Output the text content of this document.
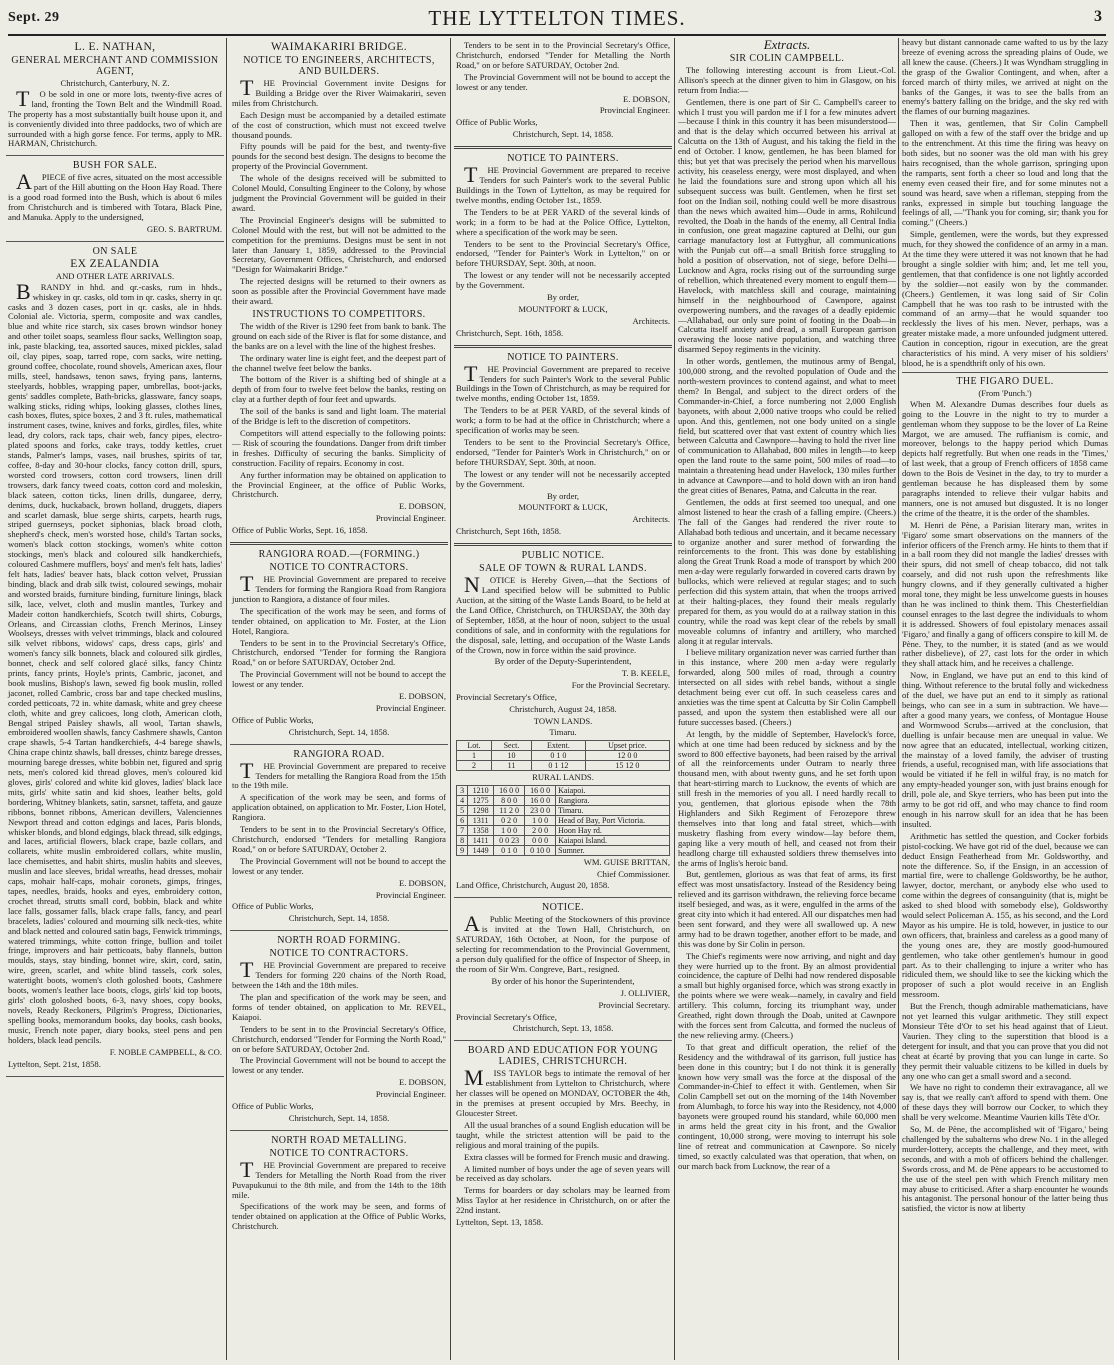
Sept. 29	THE LYTTELTON TIMES.	3
L. E. NATHAN,
GENERAL MERCHANT AND COMMISSION AGENT,
Christchurch, Canterbury, N. Z.

TO be sold in one or more lots, twenty-five acres of land, fronting the Town Belt and the Windmill Road. The property has a most substantially built house upon it, and is conveniently divided into three paddocks, two of which are surrounded with a high gorse fence. For terms, apply to MR. HARMAN, Christchurch.

BUSH FOR SALE.

APIECE of five acres, situated on the most accessible part of the Hill abutting on the Hoon Hay Road. There is a good road formed into the Bush, which is about 6 miles from Christchurch and is timbered with Totara, Black Pine, and Manuka. Apply to the undersigned,

GEO. S. BARTRUM.

ON SALE
EX ZEALANDIA
AND OTHER LATE ARRIVALS.

BRANDY in hhd. and qr.-casks, rum in hhds., whiskey in qr. casks, old tom in qr. casks, sherry in qr. casks and 3 dozen cases, port in qr. casks, ale in hhds. Colonial ale. Victoria, sperm, composite and wax candles, blue and white rice starch, six cases brown windsor honey and other toilet soaps, seamless flour sacks, Wellington soap, ink, paste blacking, tea, assorted sauces, mixed pickles, salad oil, clay pipes, soap, tarred rope, corn sacks, wire netting, ground coffee, chocolate, round shovels, American axes, flour mills, steel, handsaws, tenon saws, frying pans, lanterns, steelyards, hobbles, wrapping paper, umbrellas, boot-jacks, gents' saddles complete, Bath-bricks, glassware, fancy soaps, walking sticks, riding whips, looking glasses, clothes lines, cash boxes, flutes, spice boxes, 2 and 3 ft. rules, mathematical instrument cases, twine, knives and forks, girdles, files, white lead, dry colors, rack taps, chair web, fancy pipes, electro-plated spoons and forks, cake trays, toddy kettles, cruet stands, Palmer's lamps, vases, nail brushes, spirits of tar, coffee, 8-day and 30-hour clocks, fancy cotton drill, spurs, worsted cord trowsers, cotton cord trowsers, linen drill trowsers, dark fancy tweed coats, cotton cord and moleskin, black sateen, cotton ticks, linen drills, dungaree, derry, denims, duck, huckaback, brown holland, druggets, diapers and scarlet damask, blue serge shirts, carpets, hearth rugs, striped guernseys, pocket siphonias, black broad cloth, shepherd's check, men's worsted hose, child's Tartan socks, women's black cotton stockings, women's white cotton stockings, men's black and coloured silk handkerchiefs, coloured Cashmere mufflers, boys' and men's felt hats, ladies' felt hats, ladies' beaver hats, black cotton velvet, Prussian binding, black and drab silk twist, coloured sewings, mohair and worsted braids, furniture binding, furniture linings, black silk, lace, velvet, cloth and muslin mantles, Turkey and Madeir cotton handkerchiefs, Scotch twill shirts, Coburgs, Orleans, and Circassian cloths, French Merinos, Linsey Woolseys, dresses with velvet trimmings, black and coloured silk velvet ribbons, widows' caps, dress caps, girls' and women's fancy silk bonnets, black and coloured silk girdles, bonnet, check and self colored glacé silks, fancy Chintz prints, fancy prints, Hoyle's prints, Cambric, jaconet, and book muslins, Bishop's lawn, sewed fig book muslin, rolled jaconet, rolled Cambric, cross bar and tape checked muslins, corded petticoats, 72 in. white damask, white and grey cheese cloth, white and grey calicoes, long cloth, American cloth, Bengal striped Paisley shawls, all wool, Tartan shawls, embroidered woollen shawls, fancy Cashmere shawls, Canton crape shawls, 5-4 Tartan handkerchiefs, 4-4 barege shawls, China crape chintz shawls, ball dresses, chintz barege dresses, mourning barege dresses, white bobbin net, figured and sprig nets, men's colored kid thread gloves, men's coloured kid gloves, girls' colored and white kid gloves, ladies' black lace mits, girls' white satin and kid shoes, leather belts, gold bordering, Whitney blankets, satin, sarsnet, taffeta, and gauze ribbons, bonnet ribbons, American devillers, Valenciennes Newport thread and cotton edgings and laces, Paris blonds, whisker blonds, and blond edgings, black thread, silk edgings, and laces, artificial flowers, black crape, bazle collars, and collarets, white muslin embroidered collars, white muslin, lace chemisettes, and habit shirts, muslin habits and sleeves, muslin and lace sleeves, bridal wreaths, head dresses, mohair caps, mohair half-caps, mohair coronets, gimps, fringes, tapes, needles, braids, hooks and eyes, embroidery cotton, crochet thread, strutts small cord, bobbin, black and white lace falls, gossamer falls, black crape falls, fancy, and pearl bracelets, ladies' coloured and mourning silk neck-ties, white and black netted and coloured satin bags, Fenwick trimmings, watered trimmings, white cotton fringe, bullion and toilet fringe, improvers and hair petticoats, baby flannels, button moulds, stays, stay binding, bonnet wire, skirt, cord, satin, wire, green, scarlet, and white blind tassels, cork soles, watertight boots, women's cloth goloshed boots, Cashmere boots, women's leather lace boots, clogs, girls' kid top boots, girls' cloth goloshed boots, 6-3, navy shoes, copy books, novels, Ready Reckoners, Pilgrim's Progress, Dictionaries, spelling books, memorandum books, day books, cash books, music, French note paper, diary books, steel pens and pen holders, black lead pencils.

F. NOBLE CAMPBELL, & CO.

Lyttelton, Sept. 21st, 1858.

WAIMAKARIRI BRIDGE.
NOTICE TO ENGINEERS, ARCHITECTS, AND BUILDERS.

THE Provincial Government invite Designs for Building a Bridge over the River Waimakariri, seven miles from Christchurch.

Each Design must be accompanied by a detailed estimate of the cost of construction, which must not exceed twelve thousand pounds.

Fifty pounds will be paid for the best, and twenty-five pounds for the second best design. The designs to become the property of the Provincial Government.

The whole of the designs received will be submitted to Colonel Mould, Consulting Engineer to the Colony, by whose judgment the Provincial Government will be guided in their award.

The Provincial Engineer's designs will be submitted to Colonel Mould with the rest, but will not be admitted to the competition for the premiums. Designs must be sent in not later than January 1, 1859, addressed to the Provincial Secretary, Government Offices, Christchurch, and endorsed "Design for Waimakariri Bridge."

The rejected designs will be returned to their owners as soon as possible after the Provincial Government have made their award.

INSTRUCTIONS TO COMPETITORS.

The width of the River is 1290 feet from bank to bank. The ground on each side of the River is flat for some distance, and the banks are on a level with the line of the highest freshes.

The ordinary water line is eight feet, and the deepest part of the channel twelve feet below the banks.

The bottom of the River is a shifting bed of shingle at a depth of from four to twelve feet below the banks, resting on clay at a further depth of four feet and upwards.

The soil of the banks is sand and light loam. The material of the Bridge is left to the discretion of competitors.

Competitors will attend especially to the following points:— Risk of scouring the foundations. Danger from drift timber in freshes. Difficulty of securing the banks. Simplicity of construction. Facility of repairs. Economy in cost.

Any further information may be obtained on application to the Provincial Engineer, at the office of Public Works, Christchurch.

E. DOBSON,

Provincial Engineer.

Office of Public Works, Sept. 16, 1858.

RANGIORA ROAD.—(FORMING.)
NOTICE TO CONTRACTORS.

THE Provincial Government are prepared to receive Tenders for forming the Rangiora Road from Rangiora junction to Rangiora, a distance of four miles.

The specification of the work may be seen, and forms of tender obtained, on application to Mr. Foster, at the Lion Hotel, Rangiora.

Tenders to be sent in to the Provincial Secretary's Office, Christchurch, endorsed "Tender for forming the Rangiora Road," on or before SATURDAY, October 2nd.

The Provincial Government will not be bound to accept the lowest or any tender.

E. DOBSON,

Provincial Engineer.

Office of Public Works,

Christchurch, Sept. 14, 1858.

RANGIORA ROAD.

THE Provincial Government are prepared to receive Tenders for metalling the Rangiora Road from the 15th to the 19th mile.

A specification of the work may be seen, and forms of application obtained, on application to Mr. Foster, Lion Hotel, Rangiora.

Tenders to be sent in to the Provincial Secretary's Office, Christchurch, endorsed "Tenders for metalling Rangiora Road," on or before SATURDAY, October 2.

The Provincial Government will not be bound to accept the lowest or any tender.

E. DOBSON,

Provincial Engineer.

Office of Public Works,

Christchurch, Sept. 14, 1858.

NORTH ROAD FORMING.
NOTICE TO CONTRACTORS.

THE Provincial Government are prepared to receive Tenders for forming 220 chains of the North Road, between the 14th and the 18th miles.

The plan and specification of the work may be seen, and forms of tender obtained, on application to Mr. REVEL, Kaiapoi.

Tenders to be sent in to the Provincial Secretary's Office, Christchurch, endorsed "Tender for Forming the North Road," on or before SATURDAY, October 2nd.

The Provincial Government will not be bound to accept the lowest or any tender.

E. DOBSON,

Provincial Engineer.

Office of Public Works,

Christchurch, Sept. 14, 1858.

NORTH ROAD METALLING.
NOTICE TO CONTRACTORS.

THE Provincial Government are prepared to receive Tenders for Metalling the North Road from the river Puvapukunui to the 8th mile, and from the 14th to the 18th mile.

Specifications of the work may be seen, and forms of tender obtained on application at the Office of Public Works, Christchurch.

Tenders to be sent in to the Provincial Secretary's Office, Christchurch, endorsed "Tender for Metalling the North Road," on or before SATURDAY, October 2nd.

The Provincial Government will not be bound to accept the lowest or any tender.

E. DOBSON,

Provincial Engineer.

Office of Public Works,

Christchurch, Sept. 14, 1858.

NOTICE TO PAINTERS.

THE Provincial Government are prepared to receive Tenders for such Painter's work to the several Public Buildings in the Town of Lyttelton, as may be required for twelve months, ending October 1st., 1859.

The Tenders to be at PER YARD of the several kinds of work; in a form to be had at the Police Office, Lyttelton, where a specification of the work may be seen.

Tenders to be sent to the Provincial Secretary's Office, endorsed, "Tender for Painter's Work in Lyttelton," on or before THURSDAY, Sept. 30th, at noon.

The lowest or any tender will not be necessarily accepted by the Government.

By order,

MOUNTFORT & LUCK,

Architects.

Christchurch, Sept. 16th, 1858.

NOTICE TO PAINTERS.

THE Provincial Government are prepared to receive Tenders for such Painter's Work to the several Public Buildings in the Town of Christchurch, as may be required for twelve months, ending October 1st, 1859.

The Tenders to be at PER YARD, of the several kinds of work; a form to be had at the office in Christchurch; where a specification of works may be seen.

Tenders to be sent to the Provincial Secretary's Office, endorsed, "Tender for Painter's Work in Christchurch," on or before THURSDAY, Sept. 30th, at noon.

The lowest or any tender will not be necessarily accepted by the Government.

By order,

MOUNTFORT & LUCK,

Architects.

Christchurch, Sept 16th, 1858.

PUBLIC NOTICE.
SALE OF TOWN & RURAL LANDS.

NOTICE is Hereby Given,—that the Sections of Land specified below will be submitted to Public Auction, at the sitting of the Waste Lands Board, to be held at the Land Office, Christchurch, on THURSDAY, the 30th day of September, 1858, at the hour of noon, subject to the usual conditions of sale, and in conformity with the regulations for the disposal, sale, letting, and occupation of the Waste Lands of the Crown, now in force within the said province.

By order of the Deputy-Superintendent,

T. B. KEELE,

For the Provincial Secretary.

Provincial Secretary's Office,

Christchurch, August 24, 1858.

TOWN LANDS.
Timaru.
Lot.	Sect.	Extent.	Upset price.
1	10	0 1 0	12 0 0
2	11	0 1 12	15 12 0
RURAL LANDS.
3	1210	16 0 0	16 0 0	Kaiapoi.
4	1275	8 0 0	16 0 0	Rangiora.
5	1298	11 2 0	23 0 0	Timaru.
6	1311	0 2 0	1 0 0	Head of Bay, Port Victoria.
7	1358	1 0 0	2 0 0	Hoon Hay rd.
8	1411	0 0 23	0 0 0	Kaiapoi Island.
9	1449	0 1 0	0 10 0	Sumner.

WM. GUISE BRITTAN,

Chief Commissioner.

Land Office, Christchurch, August 20, 1858.

NOTICE.

APublic Meeting of the Stockowners of this province is invited at the Town Hall, Christchurch, on SATURDAY, 16th October, at Noon, for the purpose of selecting for recommendation to the Provincial Government, a person duly qualified for the office of Inspector of Sheep, in the room of Sir Wm. Congreve, Bart., resigned.

By order of his honor the Superintendent,

J. OLLIVIER,

Provincial Secretary.

Provincial Secretary's Office,

Christchurch, Sept. 13, 1858.

BOARD AND EDUCATION FOR YOUNG LADIES, CHRISTCHURCH.

MISS TAYLOR begs to intimate the removal of her establishment from Lyttelton to Christchurch, where her classes will be opened on MONDAY, OCTOBER the 4th, in the premises at present occupied by Mrs. Beechy, in Gloucester Street.

All the usual branches of a sound English education will be taught, while the strictest attention will be paid to the religious and moral training of the pupils.

Extra classes will be formed for French music and drawing.

A limited number of boys under the age of seven years will be received as day scholars.

Terms for boarders or day scholars may be learned from Miss Taylor at her residence in Christchurch, on or after the 22nd instant.

Lyttelton, Sept. 13, 1858.

Extracts.
SIR COLIN CAMPBELL.

The following interesting account is from Lieut.-Col. Allison's speech at the dinner given to him in Glasgow, on his return from India:—

Gentlemen, there is one part of Sir C. Campbell's career to which I trust you will pardon me if I for a few minutes advert—because I think in this country it has been misunderstood—and that is the delay which occurred between his arrival at Calcutta on the 13th of August, and his taking the field in the end of October. I know, gentlemen, he has been blamed for this; but yet that was precisely the period when his marvellous activity, his ceaseless energy, were most displayed, and when he laid the foundations sure and strong upon which all his subsequent success was built. Gentlemen, when he first set foot on the Indian soil, nothing could well be more disastrous than the news which awaited him—Oude in arms, Rohilcund revolted, the Doab in the hands of the enemy, all Central India in confusion, one great magazine captured at Delhi, our gun carriage manufactory lost at Futtyghur, all communications with the Punjab cut off—a small British force struggling to hold a position of observation, not of siege, before Delhi—Lucknow and Agra, rocks rising out of the surrounding surge of rebellion, which threatened every moment to engulf them—Havelock, with matchless skill and courage, maintaining himself in the neighbourhood of Cawnpore, against overpowering numbers, and the ravages of a deadly epidemic—Allahabad, our only sure point of footing in the Doab—in Calcutta itself anxiety and dread, a small European garrison overawing the loose native population, and watching three disarmed Sepoy regiments in the vicinity.

In other words, gentlemen, the mutinous army of Bengal, 100,000 strong, and the revolted population of Oude and the north-western provinces to contend against, and what to meet them? In Bengal, and subject to the direct orders of the Commander-in-Chief, a force numbering not 2,000 English bayonets, with about 2,000 native troops who could be relied upon. And this, gentlemen, not one body united on a single field, but scattered over that vast extent of country which lies between Calcutta and Cawnpore—having to hold the river line of communication to Allahabad, 800 miles in length—to keep open the land route to the same point, 500 miles of road—to maintain a threatening head under Havelock, 130 miles further in advance at Cawnpore—and to hold down with an iron hand the great cities of Benares, Patna, and Calcutta in the rear.

Gentlemen, the odds at first seemed too unequal, and one almost listened to hear the crash of a falling empire. (Cheers.) The fall of the Ganges had rendered the river route to Allahabad both tedious and uncertain, and it became necessary to organize another and surer method of forwarding the reinforcements to the front. This was done by establishing along the Great Trunk Road a mode of transport by which 200 men a-day were regularly forwarded in covered carts drawn by bullocks, which were relieved at regular stages; and to such perfection did this system attain, that when the troops arrived at their halting-places, they found their meals regularly prepared for them, as you would do at a railway station in this country, while the road was kept clear of the rebels by small moveable columns of infantry and artillery, who marched along it at regular intervals.

I believe military organization never was carried further than in this instance, where 200 men a-day were regularly forwarded, along 500 miles of road, through a country intersected on all sides with rebel bands, without a single detachment being ever cut off. In such ceaseless cares and anxieties was the time spent at Calcutta by Sir Colin Campbell passed, and upon the system then established were all our future successes based. (Cheers.)

At length, by the middle of September, Havelock's force, which at one time had been reduced by sickness and by the sword to 800 effective bayonets, had been raised by the arrival of all the reinforcements under Outram to nearly three thousand men, with about twenty guns, and he set forth upon that heart-stirring march to Lucknow, the events of which are still fresh in the memories of you all. I need hardly recall to you, gentlemen, that glorious episode when the 78th Highlanders and Sikh Regiment of Ferozepore threw themselves into that long and fatal street, which—with musketry flashing from every window—lay before them, gaping like a very mouth of hell, and ceased not from their headlong charge till exhausted soldiers threw themselves into the arms of Inglis's heroic band.

But, gentlemen, glorious as was that feat of arms, its first effect was most unsatisfactory. Instead of the Residency being relieved and its garrison withdrawn, the relieving force became itself besieged, and was, as it were, engulfed in the arms of the great city into which it had entered. All our dispatches men had been sent forward, and they were all swallowed up. A new army had to be drawn together, another effort to be made, and this was done by Sir Colin in person.

The Chief's regiments were now arriving, and night and day they were hurried up to the front. By an almost providential coincidence, the capture of Delhi had now rendered disposable a small but highly organised force, which was strong exactly in the points where we were weak—namely, in cavalry and field artillery. This column, forcing its triumphant way, under Greathed, right down through the Doab, united at Cawnpore with the forces sent from Calcutta, and formed the nucleus of the new relieving army. (Cheers.)

To that great and difficult operation, the relief of the Residency and the withdrawal of its garrison, full justice has been done in this country; but I do not think it is generally known how very small was the force at the disposal of the Commander-in-Chief to effect it with. Gentlemen, when Sir Colin Campbell set out on the morning of the 14th November from Alumbagh, to force his way into the Residency, not 4,000 bayonets were grouped round his standard, while 60,000 men in arms held the great city in his front, and the Gwalior contingent, 10,000 strong, were moving to interrupt his sole line of retreat and communication at Cawnpore. So nicely timed, so exactly calculated was that operation, that when, on our march back from Lucknow, the rear of a

heavy but distant cannonade came wafted to us by the lazy breeze of evening across the spreading plains of Oude, we all knew the cause. (Cheers.) It was Wyndham struggling in the grasp of the Gwalior Contingent, and when, after a forced march of thirty miles, we arrived at night on the banks of the Ganges, it was to see the balls from an enemy's battery falling on the bridge, and the sky red with the flames of our burning magazines.

Then it was, gentlemen, that Sir Colin Campbell galloped on with a few of the staff over the bridge and up to the entrenchment. At this time the firing was heavy on both sides, but no sooner was the old man with his grey hairs recognised, than the whole garrison, springing upon the ramparts, sent forth a cheer so loud and long that the enemy even ceased their fire, and for some minutes not a sound was heard, save when a rifleman, stepping from the ranks, expressed in simple but touching language the feelings of all, —"Thank you for coming, sir; thank you for coming." (Cheers.)

Simple, gentlemen, were the words, but they expressed much, for they showed the confidence of an army in a man. At the time they were uttered it was not known that he had brought a single soldier with him; and, let me tell you, gentlemen, that that confidence is one not lightly accorded by the soldier—not easily won by the commander. (Cheers.) Gentlemen, it was long said of Sir Colin Campbell that he was too rash to be intrusted with the command of an army—that he would squander too recklessly the lives of his men. Never, perhaps, was a greater mistake made, a more unfounded judgment uttered. Caution in conception, rigour in execution, are the great characteristics of his mind. A very miser of his soldiers' blood, he is a spendthrift only of his own.

THE FIGARO DUEL.
(From 'Punch.')

When M. Alexandre Dumas describes four duels as going to the Louvre in the night to try to murder a gentleman whom they suppose to be the lover of La Reine Margot, we are amused. The ruffianism is comic, and moreover, belongs to the happy period which Dumas depicts half regretfully. But when one reads in the 'Times,' of last week, that a group of French officers of 1858 came down to the Bois de Vesinet in the day, to try to murder a gentleman because he has displeased them by some paragraphs intended to relieve their vulgar habits and manners, one is not amused but disgusted. It is no longer the crime of the theatre, it is the order of the shambles.

M. Henri de Pène, a Parisian literary man, writes in 'Figaro' some smart observations on the manners of the inferior officers of the French army. He hints to them that if in a ball room they did not mangle the ladies' dresses with their spurs, did not smell of cheap tobacco, did not talk coarsely, and did not rush upon the refreshments like hungry clowns, and if they generally cultivated a higher moral tone, they might be less unwelcome guests in houses than he was inclined to think them. This Chesterfieldian counsel enrages to the last degree the individuals to whom it is addressed. Showers of foul epistolary menaces assail 'Figaro,' and finally a gang of officers conspire to kill M. de Pène. They, to the number, it is stated (and as we would rather disbelieve), of 27, cast lots for the order in which they shall attack him, and he receives a challenge.

Now, in England, we have put an end to this kind of thing. Without reference to the brutal folly and wickedness of the duel, we have put an end to it simply as rational beings, who can see in a sum in subtraction. We have—after a good many years, we confess, of Montague House and Wormwood Scrubs—arrived at the conclusion, that duelling is unfair because men are unequal in value. We now agree that an educated, intellectual, working citizen, the mainstay of a loved family, the adviser of trusting friends, a useful, recognised man, with life associations that would be vitiated if he fell in wilful fray, is no match for any empty-headed younger son, with just brains enough for drill, pole ale, and Skye terriers, who has been put into the army to be got rid off, and who may chance to find room enough in his narrow skull for an idea that he has been insulted.

Arithmetic has settled the question, and Cocker forbids pistol-cocking. We have got rid of the duel, because we can deduct Ensign Featherhead from Mr. Goldsworthy, and note the difference. So, if the Ensign, in an accession of martial fire, were to challenge Goldsworthy, be he author, lawyer, doctor, merchant, or anybody else who used to come within the degrees of consanguinity (that is, might be asked to shed blood with somebody else), Goldsworthy would select Policeman A. 155, as his second, and the Lord Mayor as his umpire. He is told, however, in justice to our own officers, that, brainless and careless as a good many of the young ones are, they are mostly good-humoured gentlemen, who take other gentlemen's humour in good part. As to their challenging to injure a writer who has ridiculed them, we should like to see the kicking which the proposer of such a plot would receive in an English messroom.

But the French, though admirable mathematicians, have not yet learned this vulgar arithmetic. They still expect Monsieur Tête d'Or to set his head against that of Lieut. Vaurien. They cling to the superstition that blood is a detergent for insult, and that you can prove that you did not cheat at écarté by proving that you can lunge in carte. So they permit their valuable citizens to be killed in duels by any one who can get a small sword and a second.

We have no right to condemn their extravagance, all we say is, that we really can't afford to spend with them. One of these days they will borrow our Cocker, to which they shall be very welcome. Meantime Vaurien kills Tête d'Or.

So, M. de Pène, the accomplished wit of 'Figaro,' being challenged by the subalterns who drew No. 1 in the alleged murder-lottery, accepts the challenge, and they meet, with seconds, and with a mob of officers behind the challenger. Swords cross, and M. de Pène appears to be accustomed to the use of the steel pen with which French military men may abuse to criticised. After a sharp encounter he wounds his antagonist. The personal honour of the latter being thus satisfied, the victor is now at liberty
